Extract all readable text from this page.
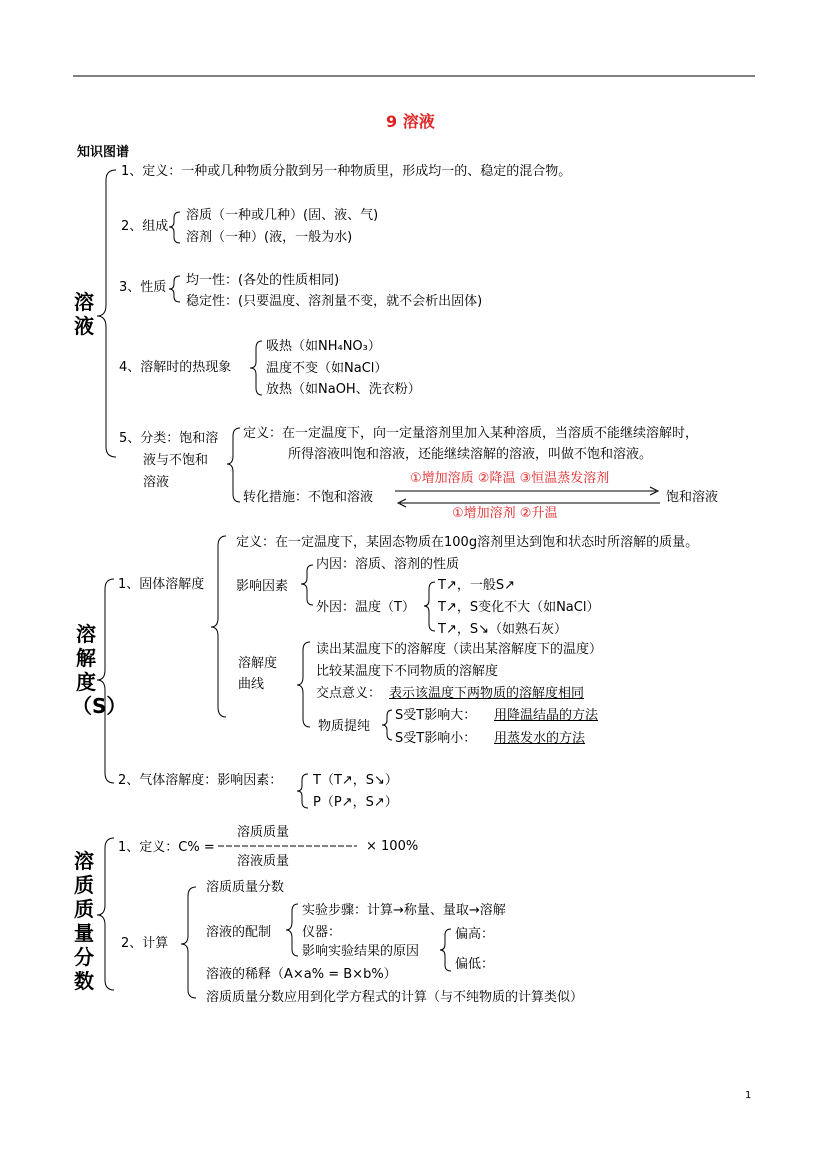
9 溶液
知识图谱
溶液
1、定义：一种或几种物质分散到另一种物质里，形成均一的、稳定的混合物。
2、组成
溶质（一种或几种）(固、液、气)
溶剂（一种）(液，一般为水)
3、性质 均一性：(各处的性质相同)
稳定性：(只要温度、溶剂量不变，就不会析出固体)
4、溶解时的热现象
吸热（如NH₄NO₃）
温度不变（如NaCl）
放热（如NaOH、洗衣粉）
5、分类：饱和溶
液与不饱和
溶液
定义：在一定温度下，向一定量溶剂里加入某种溶质，当溶质不能继续溶解时，
所得溶液叫饱和溶液，还能继续溶解的溶液，叫做不饱和溶液。
转化措施：不饱和溶液	饱和溶液
①增加溶质 ②降温 ③恒温蒸发溶剂
①增加溶剂 ②升温
溶解度（S）
1、固体溶解度
定义：在一定温度下，某固态物质在100g溶剂里达到饱和状态时所溶解的质量。
影响因素
内因：溶质、溶剂的性质
外因：温度（T）
T↗，一般S↗
T↗，S变化不大（如NaCl）
T↗，S↘（如熟石灰）
溶解度
曲线
读出某温度下的溶解度（读出某溶解度下的温度）
比较某温度下不同物质的溶解度
交点意义： 表示该温度下两物质的溶解度相同
物质提纯
S受T影响大： 用降温结晶的方法
S受T影响小： 用蒸发水的方法
2、气体溶解度：影响因素： T（T↗，S↘）
P（P↗，S↗）
溶质质量分数
1、定义：C% =
溶质质量
溶液质量
× 100%
2、计算
溶质质量分数
溶液的配制
实验步骤：计算→称量、量取→溶解
仪器：
影响实验结果的原因
偏高：
偏低：
溶液的稀释（A×a% = B×b%）
溶质质量分数应用到化学方程式的计算（与不纯物质的计算类似）
1
